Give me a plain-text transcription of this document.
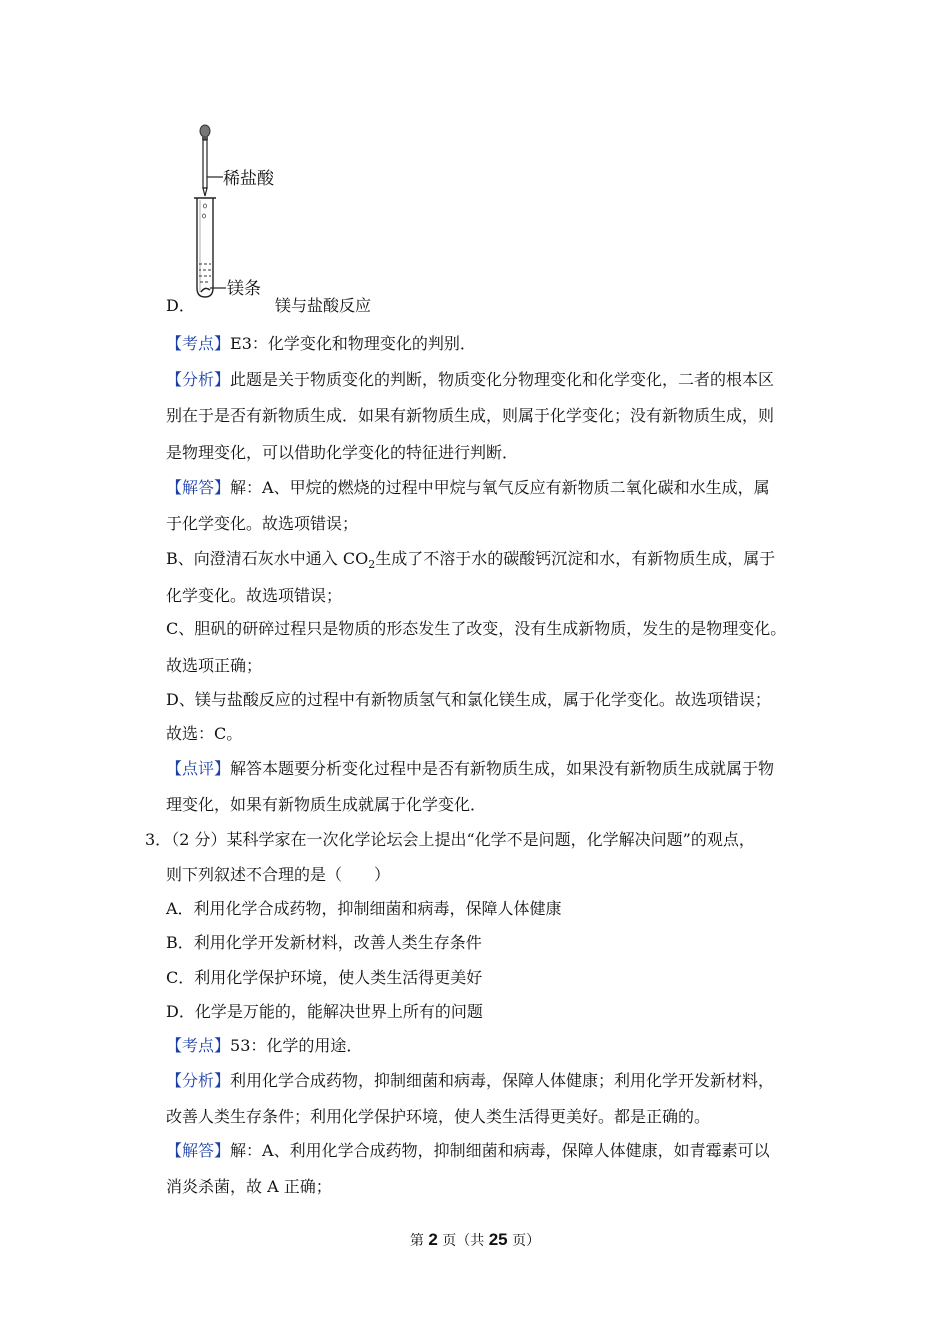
稀盐酸
镁条
D．	镁与盐酸反应
【考点】E3：化学变化和物理变化的判别．
【分析】此题是关于物质变化的判断，物质变化分物理变化和化学变化，二者的根本区
别在于是否有新物质生成．如果有新物质生成，则属于化学变化；没有新物质生成，则
是物理变化，可以借助化学变化的特征进行判断．
【解答】解：A、甲烷的燃烧的过程中甲烷与氧气反应有新物质二氧化碳和水生成，属
于化学变化。故选项错误；
B、向澄清石灰水中通入 $CO_2$生成了不溶于水的碳酸钙沉淀和水，有新物质生成，属于
化学变化。故选项错误；
C、胆矾的研碎过程只是物质的形态发生了改变，没有生成新物质，发生的是物理变化。
故选项正确；
D、镁与盐酸反应的过程中有新物质氢气和氯化镁生成，属于化学变化。故选项错误；
故选：C。
【点评】解答本题要分析变化过程中是否有新物质生成，如果没有新物质生成就属于物
理变化，如果有新物质生成就属于化学变化．
3．（2 分）某科学家在一次化学论坛会上提出“化学不是问题，化学解决问题”的观点，
则下列叙述不合理的是（　　）
A．利用化学合成药物，抑制细菌和病毒，保障人体健康
B．利用化学开发新材料，改善人类生存条件
C．利用化学保护环境，使人类生活得更美好
D．化学是万能的，能解决世界上所有的问题
【考点】53：化学的用途．
【分析】利用化学合成药物，抑制细菌和病毒，保障人体健康；利用化学开发新材料，
改善人类生存条件；利用化学保护环境，使人类生活得更美好。都是正确的。
【解答】解：A、利用化学合成药物，抑制细菌和病毒，保障人体健康，如青霉素可以
消炎杀菌，故 A 正确；
第 2 页（共 25 页）
